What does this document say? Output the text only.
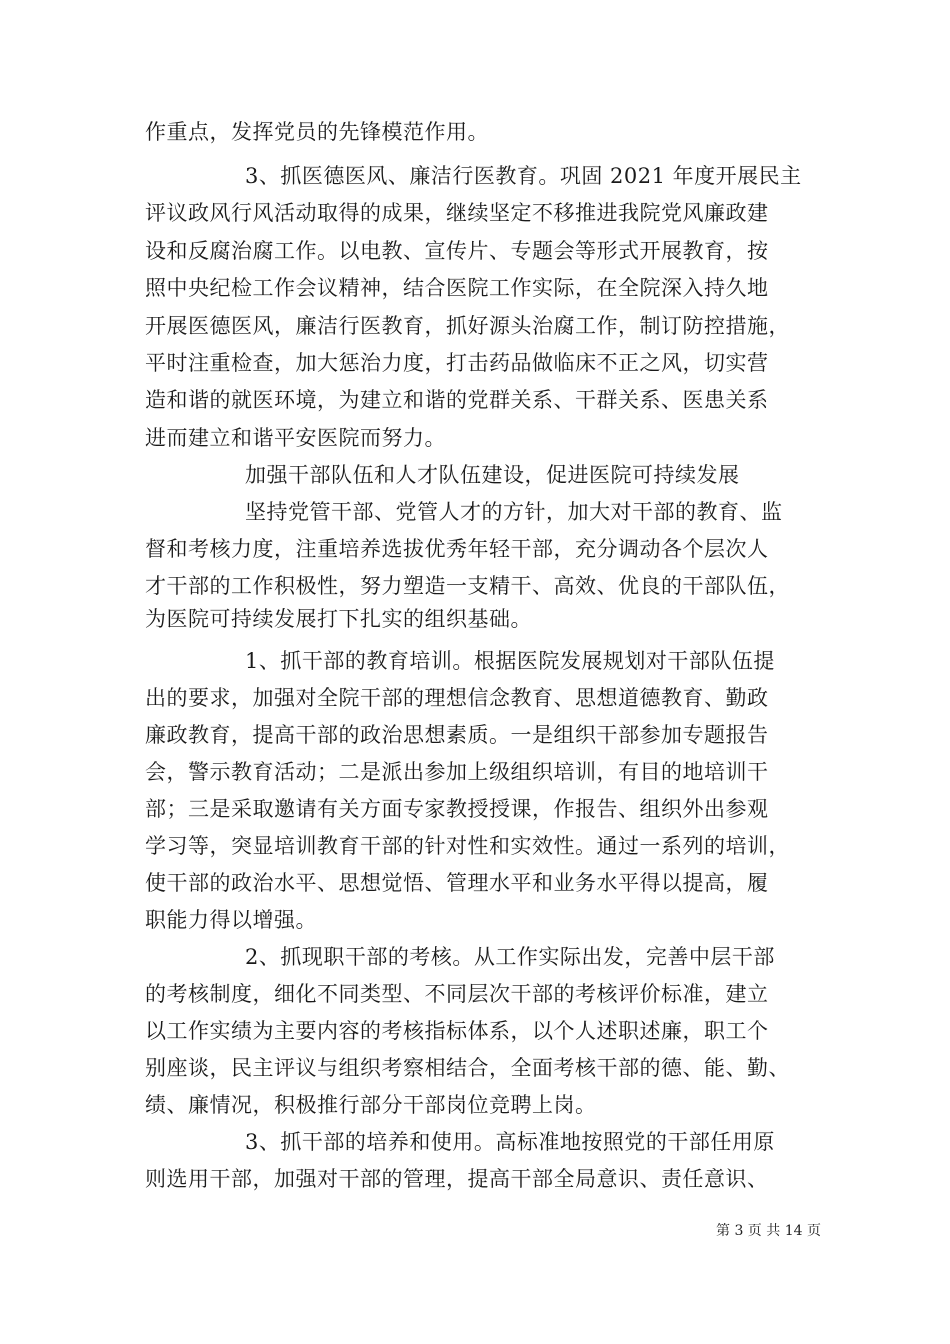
作重点，发挥党员的先锋模范作用。
3、抓医德医风、廉洁行医教育。巩固 2021 年度开展民主
评议政风行风活动取得的成果，继续坚定不移推进我院党风廉政建
设和反腐治腐工作。以电教、宣传片、专题会等形式开展教育，按
照中央纪检工作会议精神，结合医院工作实际，在全院深入持久地
开展医德医风，廉洁行医教育，抓好源头治腐工作，制订防控措施，
平时注重检查，加大惩治力度，打击药品做临床不正之风，切实营
造和谐的就医环境，为建立和谐的党群关系、干群关系、医患关系
进而建立和谐平安医院而努力。
加强干部队伍和人才队伍建设，促进医院可持续发展
坚持党管干部、党管人才的方针，加大对干部的教育、监
督和考核力度，注重培养选拔优秀年轻干部，充分调动各个层次人
才干部的工作积极性，努力塑造一支精干、高效、优良的干部队伍，
为医院可持续发展打下扎实的组织基础。
1、抓干部的教育培训。根据医院发展规划对干部队伍提
出的要求，加强对全院干部的理想信念教育、思想道德教育、勤政
廉政教育，提高干部的政治思想素质。一是组织干部参加专题报告
会，警示教育活动；二是派出参加上级组织培训，有目的地培训干
部；三是采取邀请有关方面专家教授授课，作报告、组织外出参观
学习等，突显培训教育干部的针对性和实效性。通过一系列的培训，
使干部的政治水平、思想觉悟、管理水平和业务水平得以提高，履
职能力得以增强。
2、抓现职干部的考核。从工作实际出发，完善中层干部
的考核制度，细化不同类型、不同层次干部的考核评价标准，建立
以工作实绩为主要内容的考核指标体系，以个人述职述廉，职工个
别座谈，民主评议与组织考察相结合，全面考核干部的德、能、勤、
绩、廉情况，积极推行部分干部岗位竞聘上岗。
3、抓干部的培养和使用。高标准地按照党的干部任用原
则选用干部，加强对干部的管理，提高干部全局意识、责任意识、
第 3 页 共 14 页
